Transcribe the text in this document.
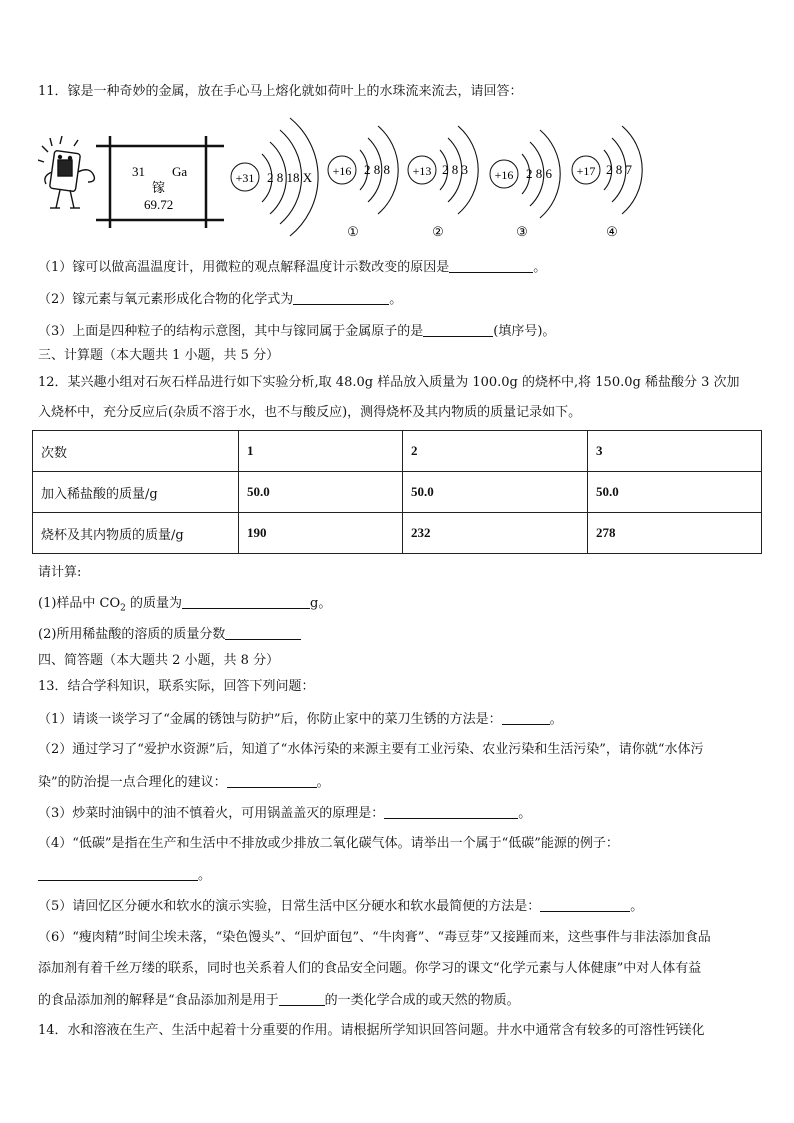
11．镓是一种奇妙的金属，放在手心马上熔化就如荷叶上的水珠流来流去，请回答：
31 Ga
镓
69.72
+31 2 8 18 X +16 2 8 8
①
+13 2 8 3
②
+16 2 8 6
③
+17 2 8 7
④
（1）镓可以做高温温度计，用微粒的观点解释温度计示数改变的原因是	。
（2）镓元素与氧元素形成化合物的化学式为	。
（3）上面是四种粒子的结构示意图，其中与镓同属于金属原子的是	(填序号)。
三、计算题（本大题共 1 小题，共 5 分）
12．某兴趣小组对石灰石样品进行如下实验分析,取 48.0g 样品放入质量为 100.0g 的烧杯中,将 150.0g 稀盐酸分 3 次加
入烧杯中，充分反应后(杂质不溶于水，也不与酸反应)，测得烧杯及其内物质的质量记录如下。
次数	1	2	3
加入稀盐酸的质量/g	50.0	50.0	50.0
烧杯及其内物质的质量/g	190	232	278
请计算:
(1)样品中 $CO_2$ 的质量为	g。
(2)所用稀盐酸的溶质的质量分数
四、简答题（本大题共 2 小题，共 8 分）
13．结合学科知识，联系实际，回答下列问题：
（1）请谈一谈学习了“金属的锈蚀与防护”后，你防止家中的菜刀生锈的方法是：	。
（2）通过学习了“爱护水资源”后，知道了“水体污染的来源主要有工业污染、农业污染和生活污染”，请你就“水体污
染”的防治提一点合理化的建议：	。
（3）炒菜时油锅中的油不慎着火，可用锅盖盖灭的原理是：	。
（4）“低碳”是指在生产和生活中不排放或少排放二氧化碳气体。请举出一个属于“低碳”能源的例子：
。
（5）请回忆区分硬水和软水的演示实验，日常生活中区分硬水和软水最简便的方法是：	。
（6）“瘦肉精”时间尘埃未落，“染色馒头”、“回炉面包”、“牛肉膏”、“毒豆芽”又接踵而来，这些事件与非法添加食品
添加剂有着千丝万缕的联系，同时也关系着人们的食品安全问题。你学习的课文“化学元素与人体健康”中对人体有益
的食品添加剂的解释是“食品添加剂是用于	的一类化学合成的或天然的物质。
14．水和溶液在生产、生活中起着十分重要的作用。请根据所学知识回答问题。井水中通常含有较多的可溶性钙镁化
